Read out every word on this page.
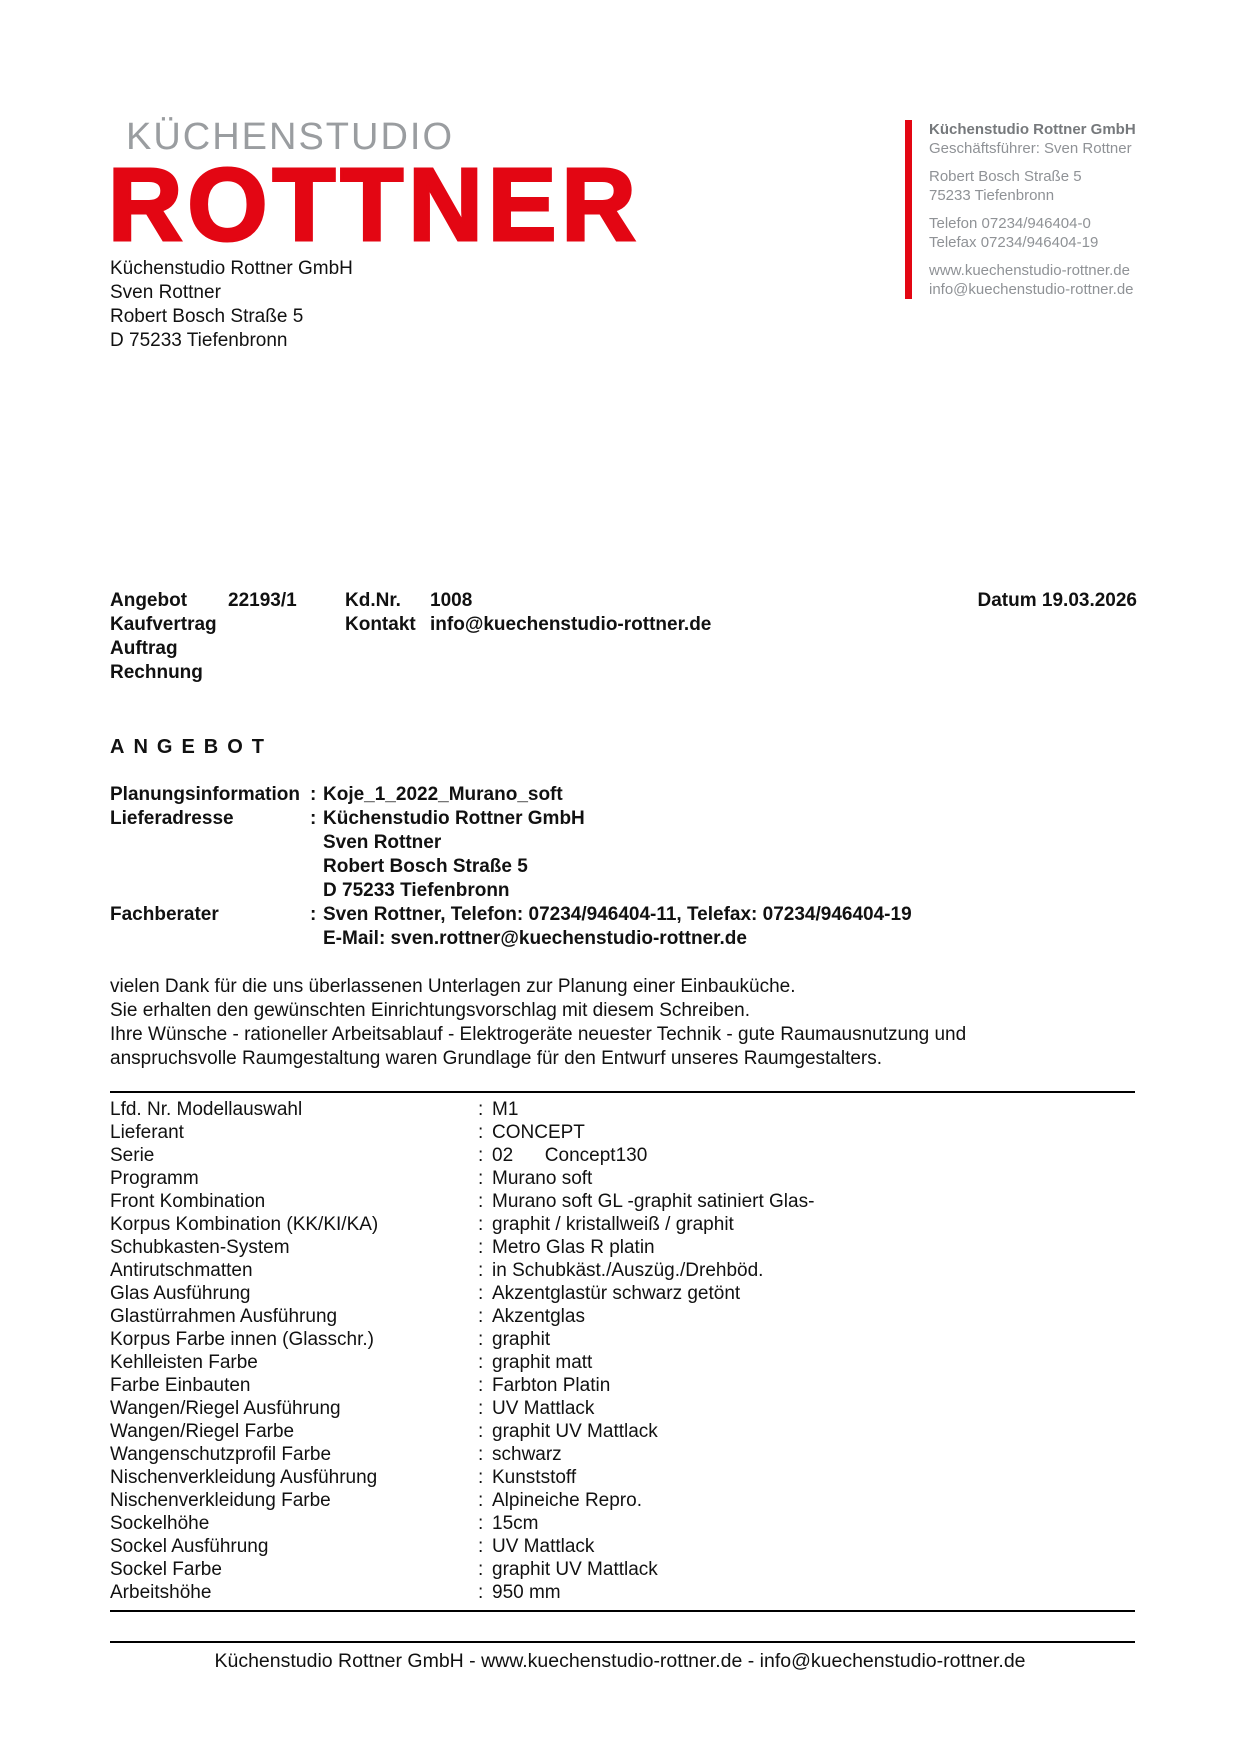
KÜCHENSTUDIO
ROTTNER
Küchenstudio Rottner GmbH
Geschäftsführer: Sven Rottner
Robert Bosch Straße 5
75233 Tiefenbronn
Telefon 07234/946404-0
Telefax 07234/946404-19
www.kuechenstudio-rottner.de
info@kuechenstudio-rottner.de
Küchenstudio Rottner GmbH
Sven Rottner
Robert Bosch Straße 5
D 75233 Tiefenbronn
Angebot 22193/1	Kd.Nr. 1008	Datum 19.03.2026
Kaufvertrag	Kontakt info@kuechenstudio-rottner.de
Auftrag
Rechnung
ANGEBOT
Planungsinformation : Koje_1_2022_Murano_soft
Lieferadresse	: Küchenstudio Rottner GmbH
Sven Rottner
Robert Bosch Straße 5
D 75233 Tiefenbronn
Fachberater	: Sven Rottner, Telefon: 07234/946404-11, Telefax: 07234/946404-19
E-Mail: sven.rottner@kuechenstudio-rottner.de
vielen Dank für die uns überlassenen Unterlagen zur Planung einer Einbauküche.
Sie erhalten den gewünschten Einrichtungsvorschlag mit diesem Schreiben.
Ihre Wünsche - rationeller Arbeitsablauf - Elektrogeräte neuester Technik - gute Raumausnutzung und
anspruchsvolle Raumgestaltung waren Grundlage für den Entwurf unseres Raumgestalters.
Lfd. Nr. Modellauswahl	: M1
Lieferant	: CONCEPT
Serie	: 02      Concept130
Programm	: Murano soft
Front Kombination	: Murano soft GL -graphit satiniert Glas-
Korpus Kombination (KK/KI/KA)	: graphit / kristallweiß / graphit
Schubkasten-System	: Metro Glas R platin
Antirutschmatten	: in Schubkäst./Auszüg./Drehböd.
Glas Ausführung	: Akzentglastür schwarz getönt
Glastürrahmen Ausführung	: Akzentglas
Korpus Farbe innen (Glasschr.)	: graphit
Kehlleisten Farbe	: graphit matt
Farbe Einbauten	: Farbton Platin
Wangen/Riegel Ausführung	: UV Mattlack
Wangen/Riegel Farbe	: graphit UV Mattlack
Wangenschutzprofil Farbe	: schwarz
Nischenverkleidung Ausführung	: Kunststoff
Nischenverkleidung Farbe	: Alpineiche Repro.
Sockelhöhe	: 15cm
Sockel Ausführung	: UV Mattlack
Sockel Farbe	: graphit UV Mattlack
Arbeitshöhe	: 950 mm
Küchenstudio Rottner GmbH - www.kuechenstudio-rottner.de - info@kuechenstudio-rottner.de
